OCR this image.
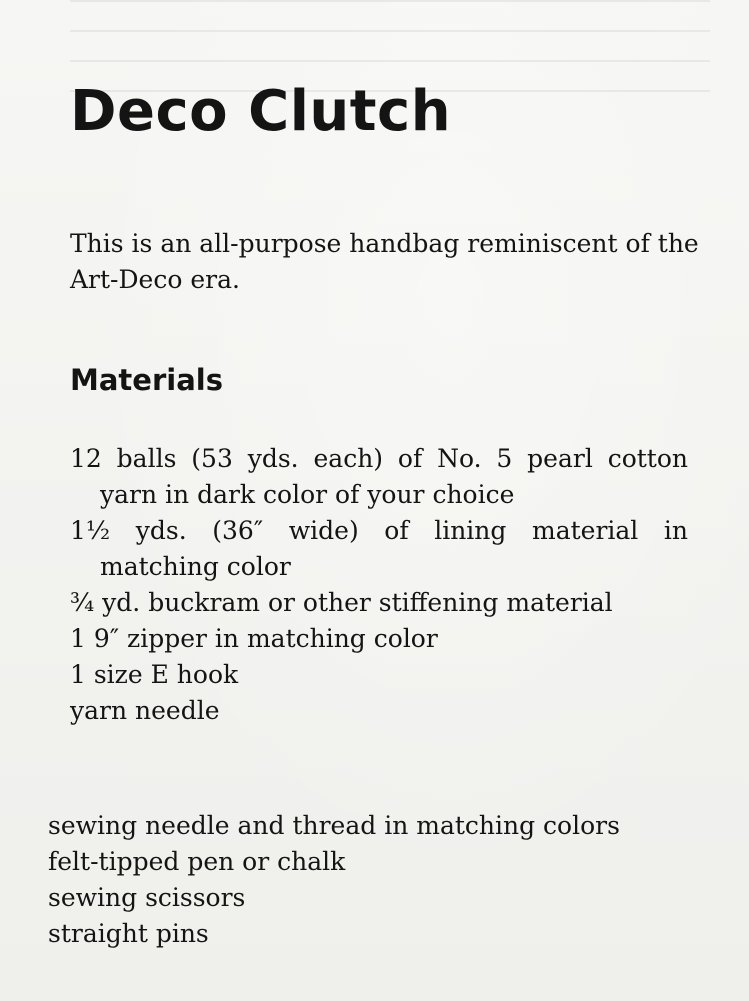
Deco Clutch

This is an all-purpose handbag reminiscent of the Art-Deco era.

Materials
12 balls (53 yds. each) of No. 5 pearl cotton yarn in dark color of your choice
1½ yds. (36″ wide) of lining material in matching color
¾ yd. buckram or other stiffening material
1 9″ zipper in matching color
1 size E hook
yarn needle
sewing needle and thread in matching colors
felt-tipped pen or chalk
sewing scissors
straight pins
